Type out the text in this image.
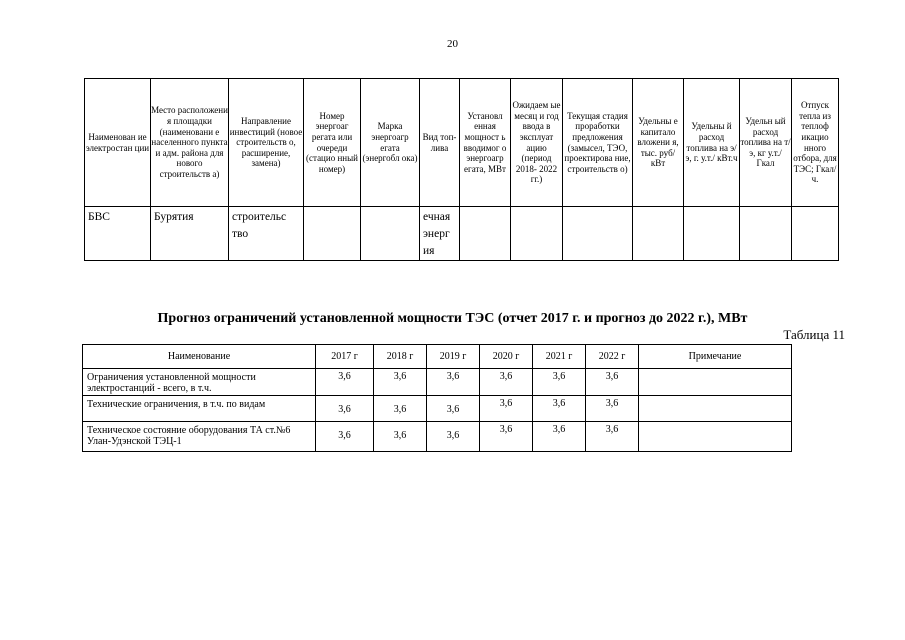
20
Наименован ие электростан ции	Место расположени я площадки (наименовани е населенного пункта и адм. района для нового строительств а)	Направление инвестиций (новое строительств о, расширение, замена)	Номер энергоаг регата или очереди (стацио нный номер)	Марка энергоагр егата (энергобл ока)	Вид топ- лива	Установл енная мощност ь вводимог о энергоагр егата, МВт	Ожидаем ые месяц и год ввода в эксплуат ацию (период 2018- 2022 гг.)	Текущая стадия проработки предложения (замысел, ТЭО, проектирова ние, строительств о)	Удельны е капитало вложени я, тыс. руб/ кВт	Удельны й расход топлива на э/э, г. у.т./ кВт.ч	Удельн ый расход топлива на т/э, кг у.т./ Гкал	Отпуск тепла из теплоф икацио нного отбора, для ТЭС; Гкал/ч.
БВС	Бурятия	строительс тво			ечная энерг ия							
Прогноз ограничений установленной мощности ТЭС (отчет 2017 г. и прогноз до 2022 г.), МВт
Таблица 11
Наименование	2017 г	2018 г	2019 г	2020 г	2021 г	2022 г	Примечание
Ограничения установленной мощности электростанций - всего, в т.ч.	3,6	3,6	3,6	3,6	3,6	3,6	
Технические ограничения, в т.ч. по видам	3,6	3,6	3,6	3,6	3,6	3,6	
Техническое состояние оборудования ТА ст.№6 Улан-Удэнской ТЭЦ-1	3,6	3,6	3,6	3,6	3,6	3,6	
